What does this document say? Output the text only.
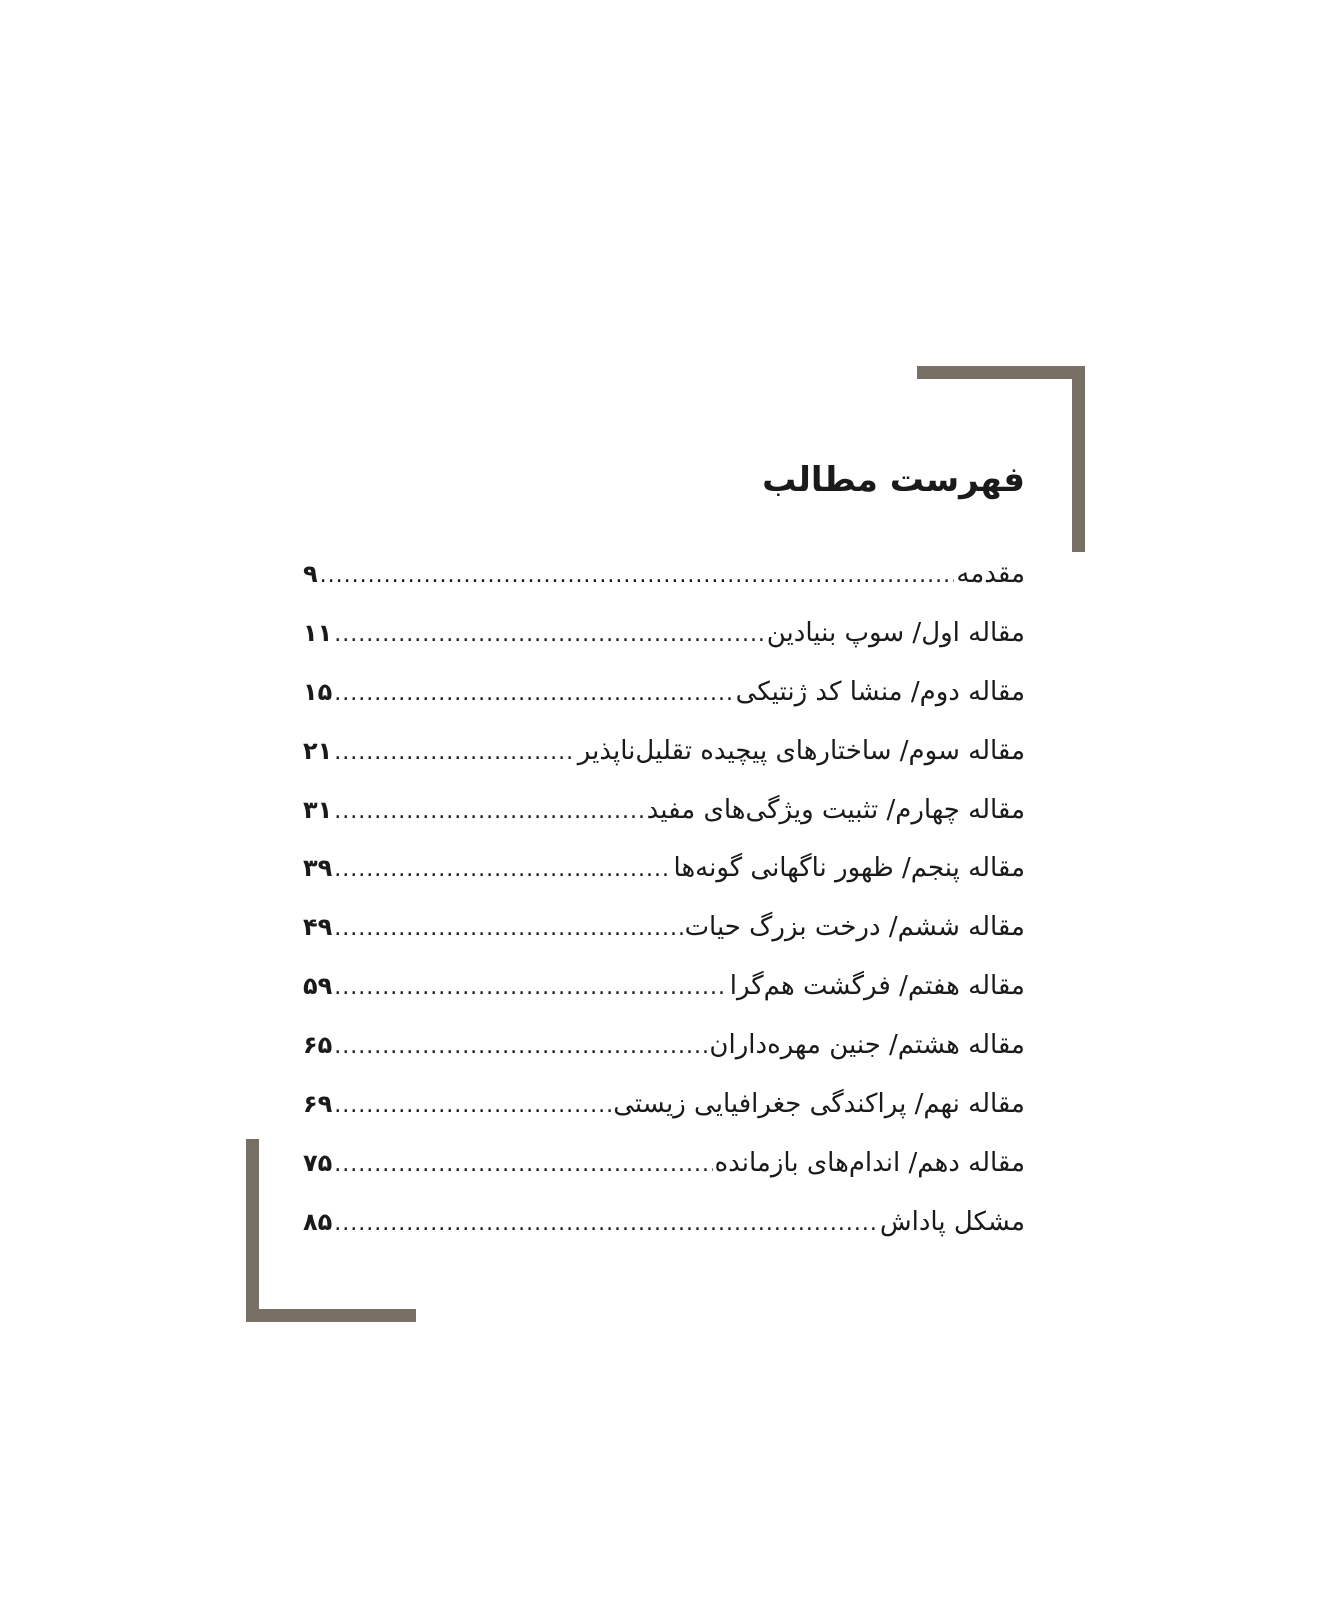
فهرست مطالب
مقدمه
.....
۹
مقاله اول/ سوپ بنیادین
.....
۱۱
مقاله دوم/ منشا کد ژنتیکی
.....
۱۵
مقاله سوم/ ساختارهای پیچیده تقلیل‌ناپذیر
.....
۲۱
مقاله چهارم/ تثبیت ویژگی‌های مفید
.....
۳۱
مقاله پنجم/ ظهور ناگهانی گونه‌ها
.....
۳۹
مقاله ششم/ درخت بزرگ حیات
.....
۴۹
مقاله هفتم/ فرگشت هم‌گرا
.....
۵۹
مقاله هشتم/ جنین مهره‌داران
.....
۶۵
مقاله نهم/ پراکندگی جغرافیایی زیستی
.....
۶۹
مقاله دهم/ اندام‌های بازمانده
.....
۷۵
مشکل پاداش
.....
۸۵
